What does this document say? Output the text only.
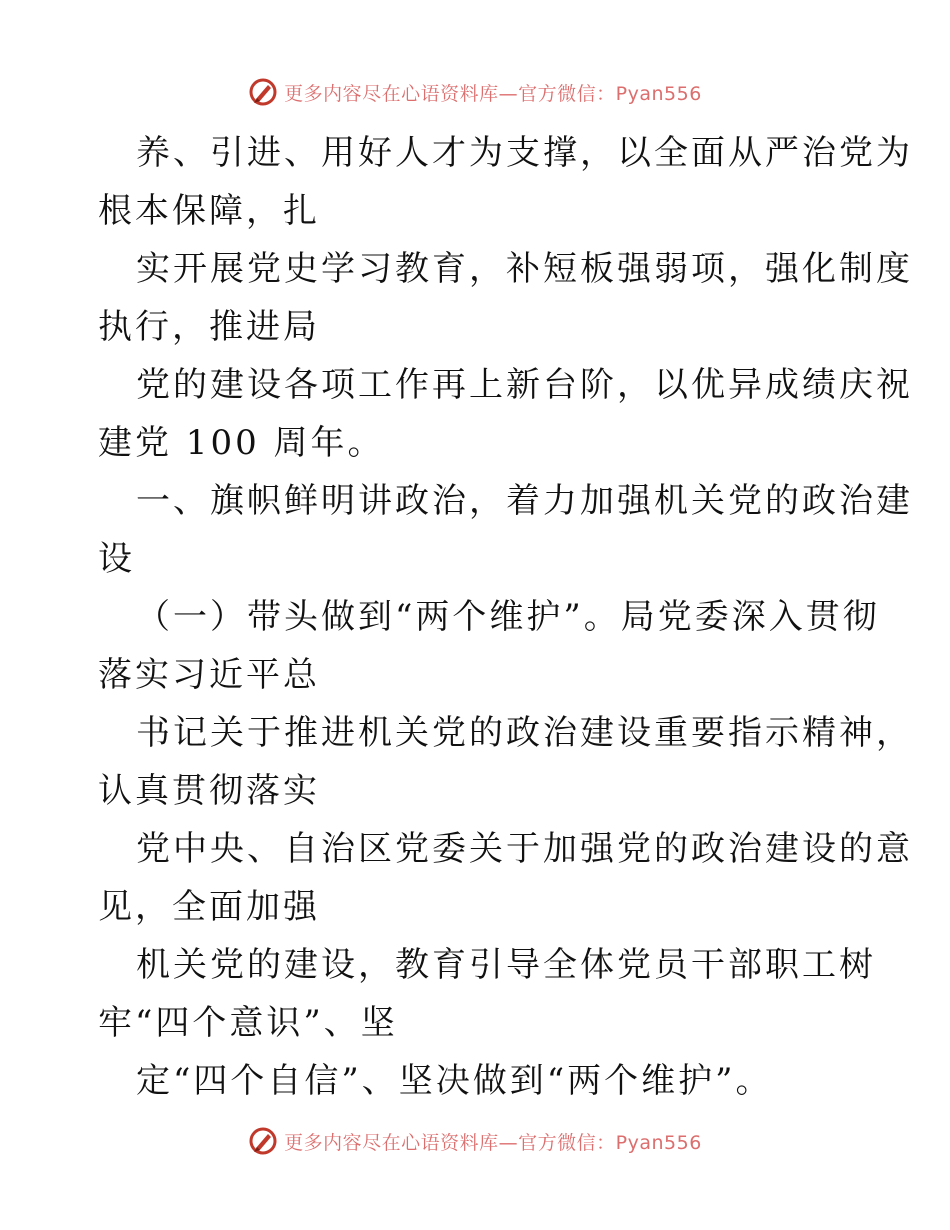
更多内容尽在心语资料库—官方微信：Pyan556

养、引进、用好人才为支撑，以全面从严治党为
根本保障，扎

实开展党史学习教育，补短板强弱项，强化制度
执行，推进局

党的建设各项工作再上新台阶，以优异成绩庆祝
建党 100 周年。

一、旗帜鲜明讲政治，着力加强机关党的政治建
设

（一）带头做到“两个维护”。局党委深入贯彻
落实习近平总

书记关于推进机关党的政治建设重要指示精神，
认真贯彻落实

党中央、自治区党委关于加强党的政治建设的意
见，全面加强

机关党的建设，教育引导全体党员干部职工树
牢“四个意识”、坚

定“四个自信”、坚决做到“两个维护”。

更多内容尽在心语资料库—官方微信：Pyan556
